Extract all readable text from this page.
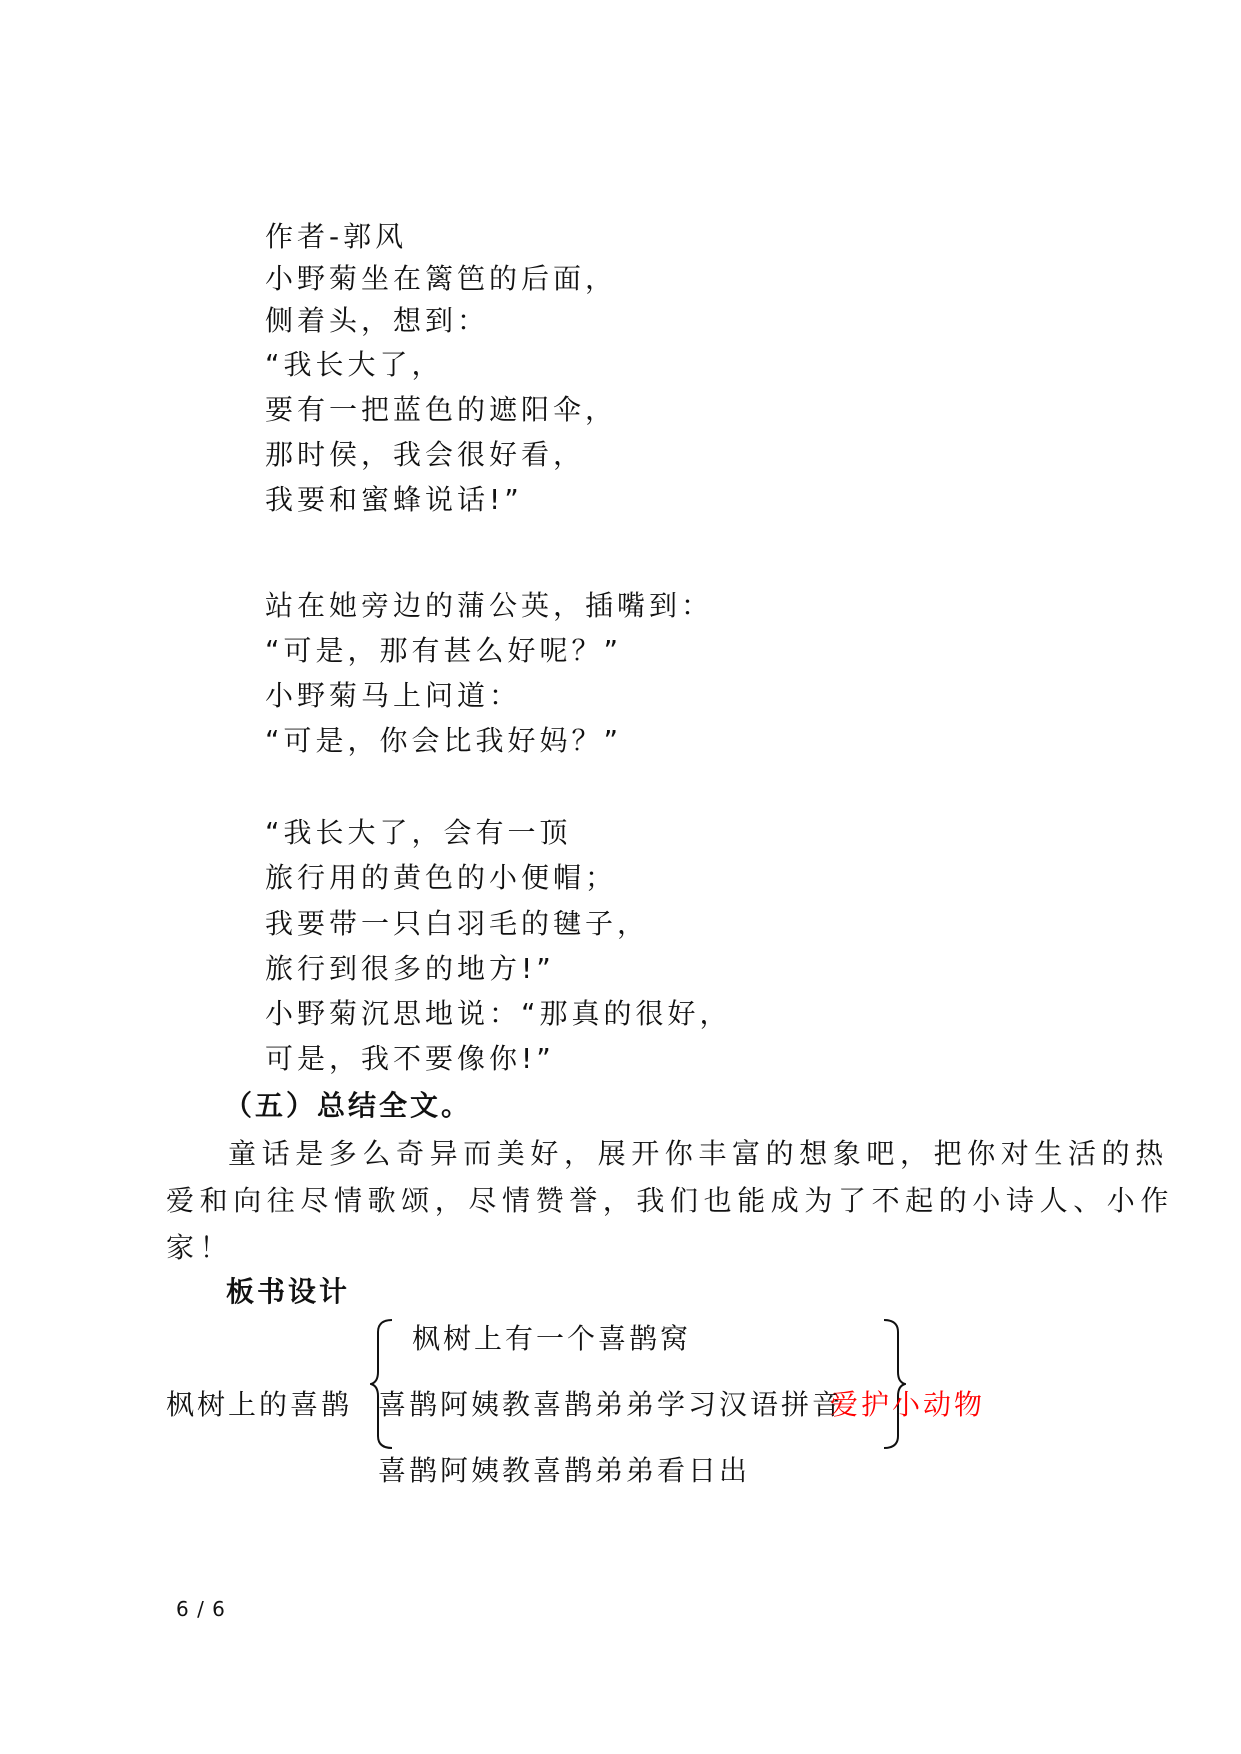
作者-郭风
小野菊坐在篱笆的后面，
侧着头，想到：
“我长大了，
要有一把蓝色的遮阳伞，
那时侯，我会很好看，
我要和蜜蜂说话!”
站在她旁边的蒲公英，插嘴到：
“可是，那有甚么好呢？”
小野菊马上问道：
“可是，你会比我好妈？”
“我长大了，会有一顶
旅行用的黄色的小便帽；
我要带一只白羽毛的毽子，
旅行到很多的地方!”
小野菊沉思地说：“那真的很好，
可是，我不要像你!”
（五）总结全文。
童话是多么奇异而美好，展开你丰富的想象吧，把你对生活的热
爱和向往尽情歌颂，尽情赞誉，我们也能成为了不起的小诗人、小作
家！
板书设计
枫树上的喜鹊
枫树上有一个喜鹊窝
喜鹊阿姨教喜鹊弟弟学习汉语拼音
喜鹊阿姨教喜鹊弟弟看日出
爱护小动物
6 / 6
